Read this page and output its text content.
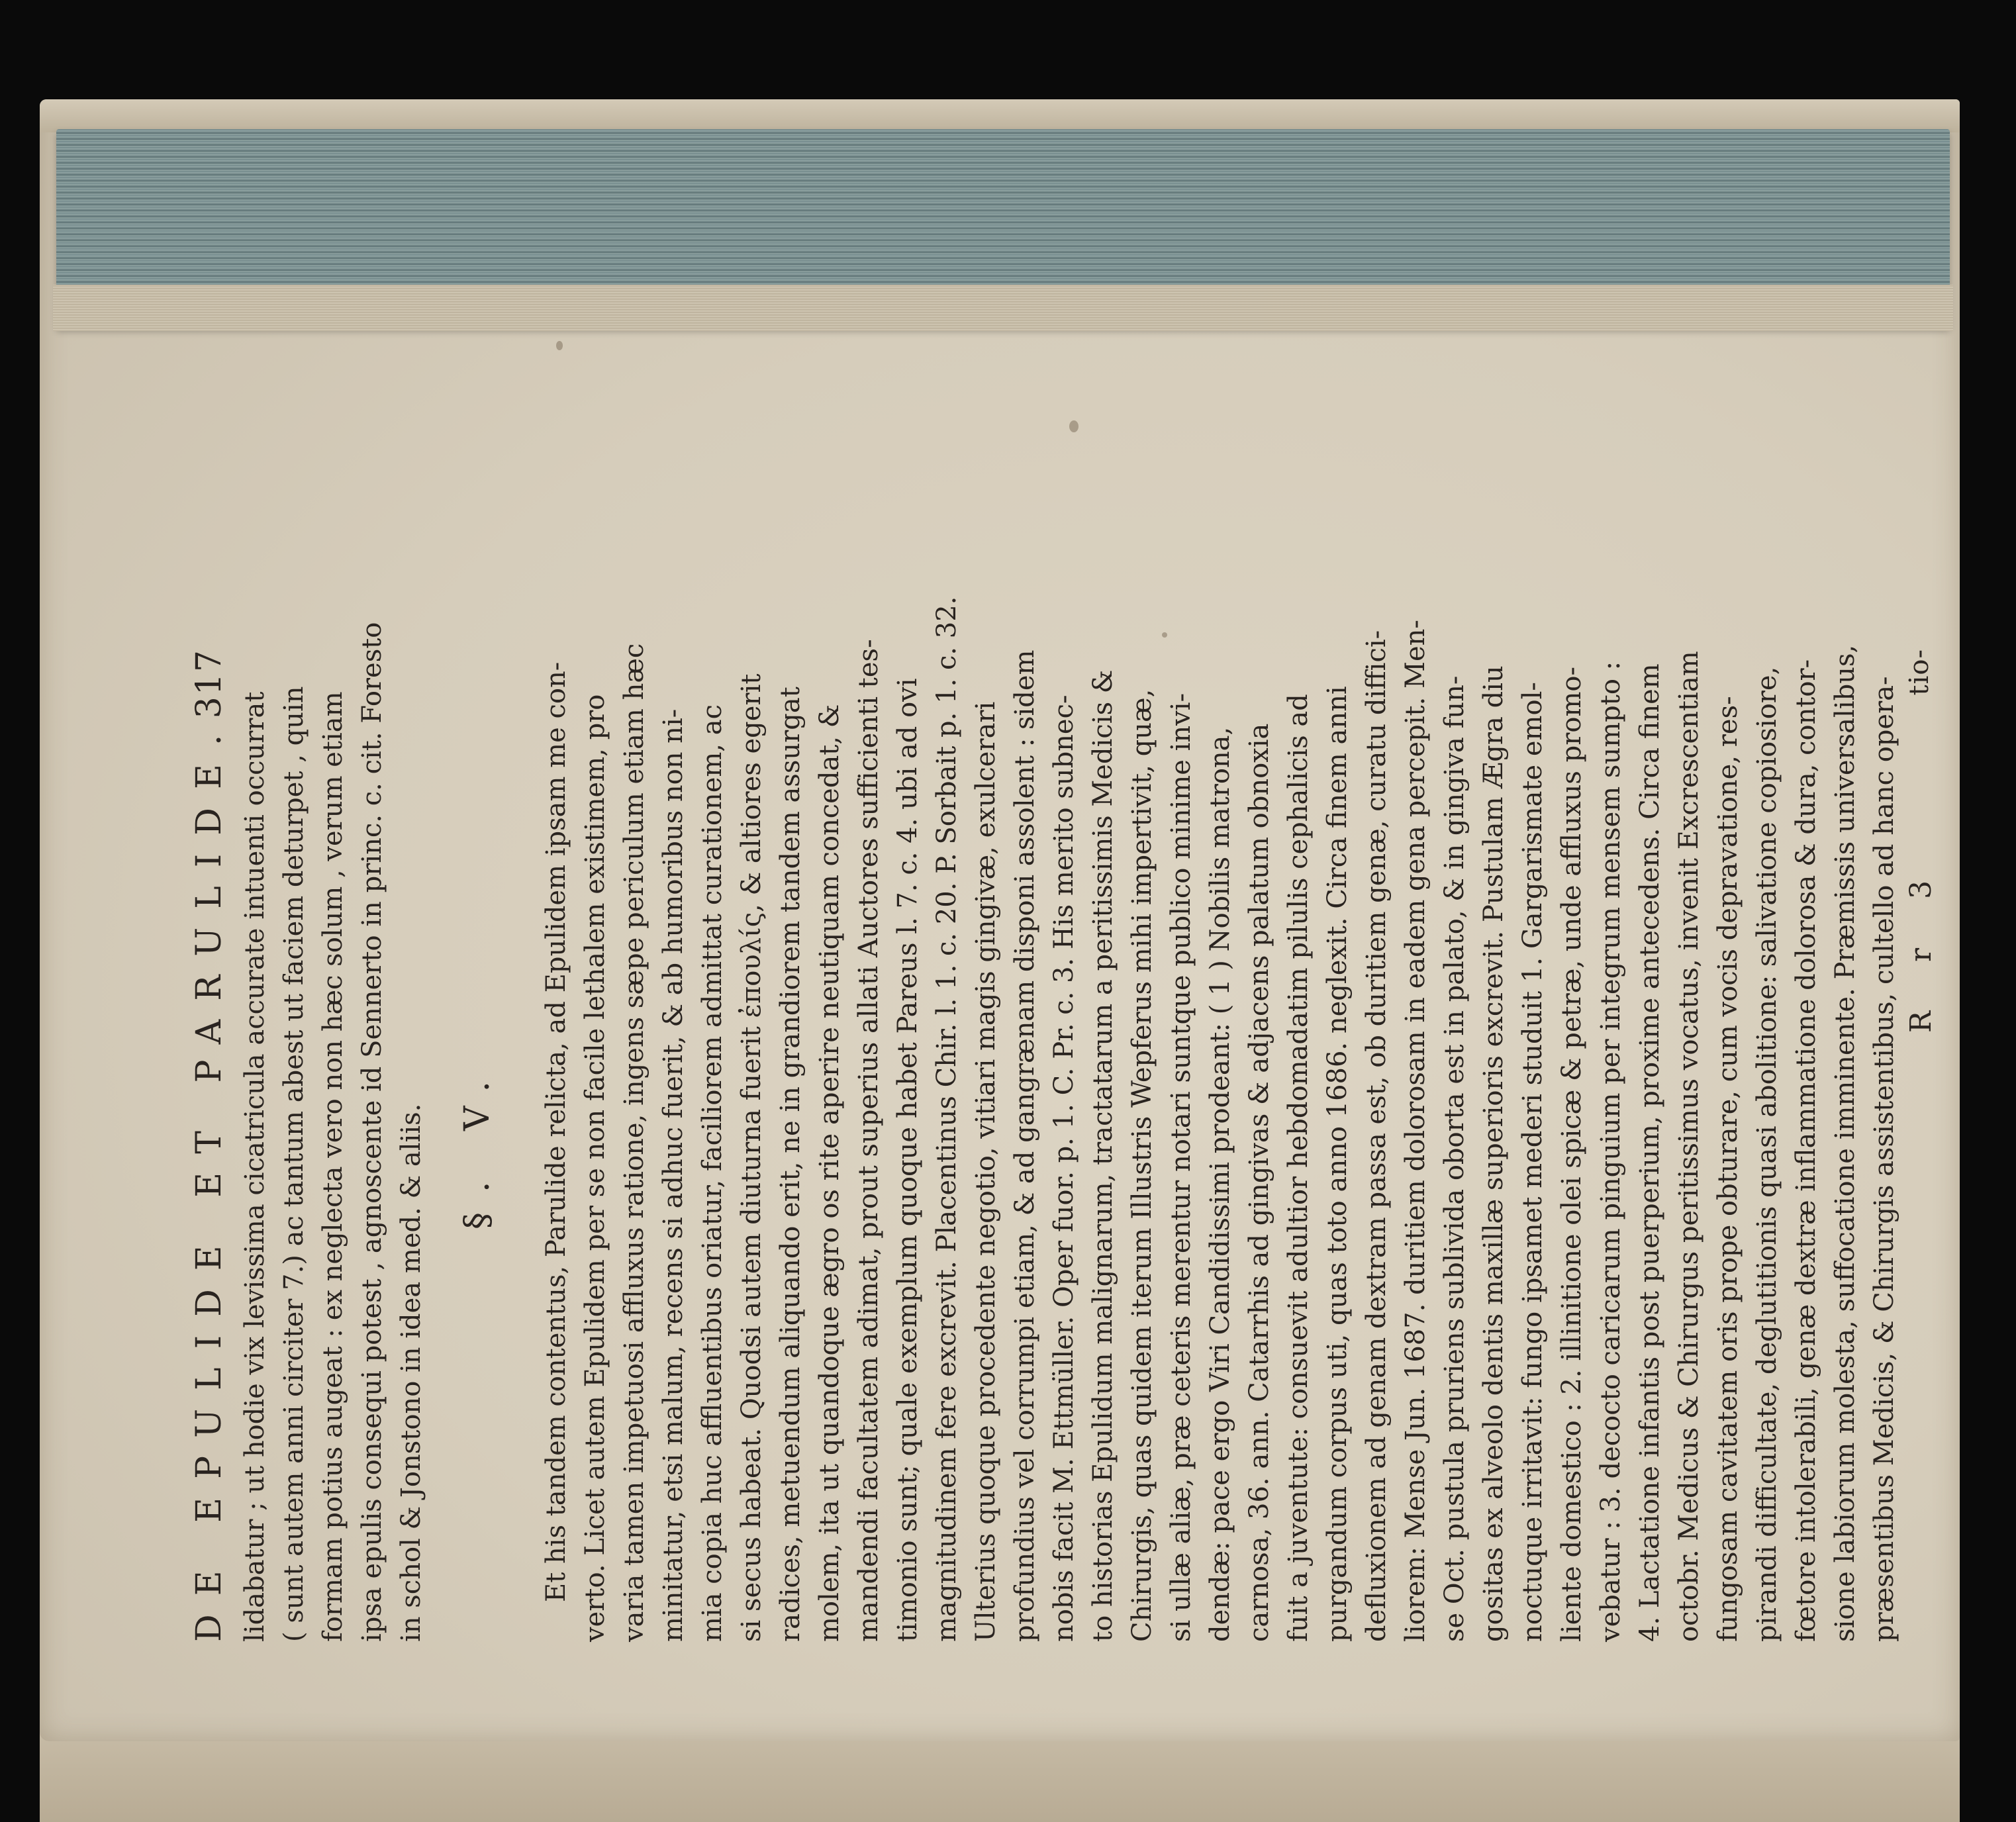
DE EPULIDE ET PARULIDE.
317
lidabatur ; ut hodie vix levissima cicatricula accurate intuenti occurrat ( sunt autem anni circiter 7.) ac tantum abest ut faciem deturpet , quin formam potius augeat : ex neglecta vero non hæc solum , verum etiam ipsa epulis consequi potest , agnoscente id Sennerto in princ. c. cit. Foresto in schol & Jonstono in idea med. & aliis. §. V. Et his tandem contentus, Parulide relicta, ad Epulidem ipsam me con- verto. Licet autem Epulidem per se non facile lethalem existimem, pro varia tamen impetuosi affluxus ratione, ingens sæpe periculum etiam hæc minitatur, etsi malum, recens si adhuc fuerit, & ab humoribus non ni- mia copia huc affluentibus oriatur, faciliorem admittat curationem, ac si secus habeat. Quodsi autem diuturna fuerit ἐπουλίς, & altiores egerit radices, metuendum aliquando erit, ne in grandiorem tandem assurgat molem, ita ut quandoque ægro os rite aperire neutiquam concedat, & mandendi facultatem adimat, prout superius allati Auctores sufficienti tes- timonio sunt; quale exemplum quoque habet Pareus l. 7. c. 4. ubi ad ovi magnitudinem fere excrevit. Placentinus Chir. l. 1. c. 20. P. Sorbait p. 1. c. 32. Ulterius quoque procedente negotio, vitiari magis gingivæ, exulcerari profundius vel corrumpi etiam, & ad gangrænam disponi assolent : sidem nobis facit M. Ettmüller. Oper fuor. p. 1. C. Pr. c. 3. His merito subnec- to historias Epulidum malignarum, tractatarum a peritissimis Medicis & Chirurgis, quas quidem iterum Illustris Wepferus mihi impertivit, quæ, si ullæ aliæ, præ ceteris merentur notari suntque publico minime invi- dendæ: pace ergo Viri Candidissimi prodeant: ( 1 ) Nobilis matrona, carnosa, 36. ann. Catarrhis ad gingivas & adjacens palatum obnoxia fuit a juventute: consuevit adultior hebdomadatim pilulis cephalicis ad purgandum corpus uti, quas toto anno 1686. neglexit. Circa finem anni defluxionem ad genam dextram passa est, ob duritiem genæ, curatu diffici- liorem: Mense Jun. 1687. duritiem dolorosam in eadem gena percepit. Men- se Oct. pustula pruriens sublivida oborta est in palato, & in gingiva fun- gositas ex alveolo dentis maxillæ superioris excrevit. Pustulam Ægra diu noctuque irritavit: fungo ipsamet mederi studuit 1. Gargarismate emol- liente domestico : 2. illinitione olei spicæ & petræ, unde affluxus promo- vebatur : 3. decocto caricarum pinguium per integrum mensem sumpto : 4. Lactatione infantis post puerperium, proxime antecedens. Circa finem octobr. Medicus & Chirurgus peritissimus vocatus, invenit Excrescentiam fungosam cavitatem oris prope obturare, cum vocis depravatione, res- pirandi difficultate, deglutitionis quasi abolitione: salivatione copiosiore, fœtore intolerabili, genæ dextræ inflammatione dolorosa & dura, contor- sione labiorum molesta, suffocatione imminente. Præmissis universalibus, præsentibus Medicis, & Chirurgis assistentibus, cultello ad hanc opera- R r 3
tio-
